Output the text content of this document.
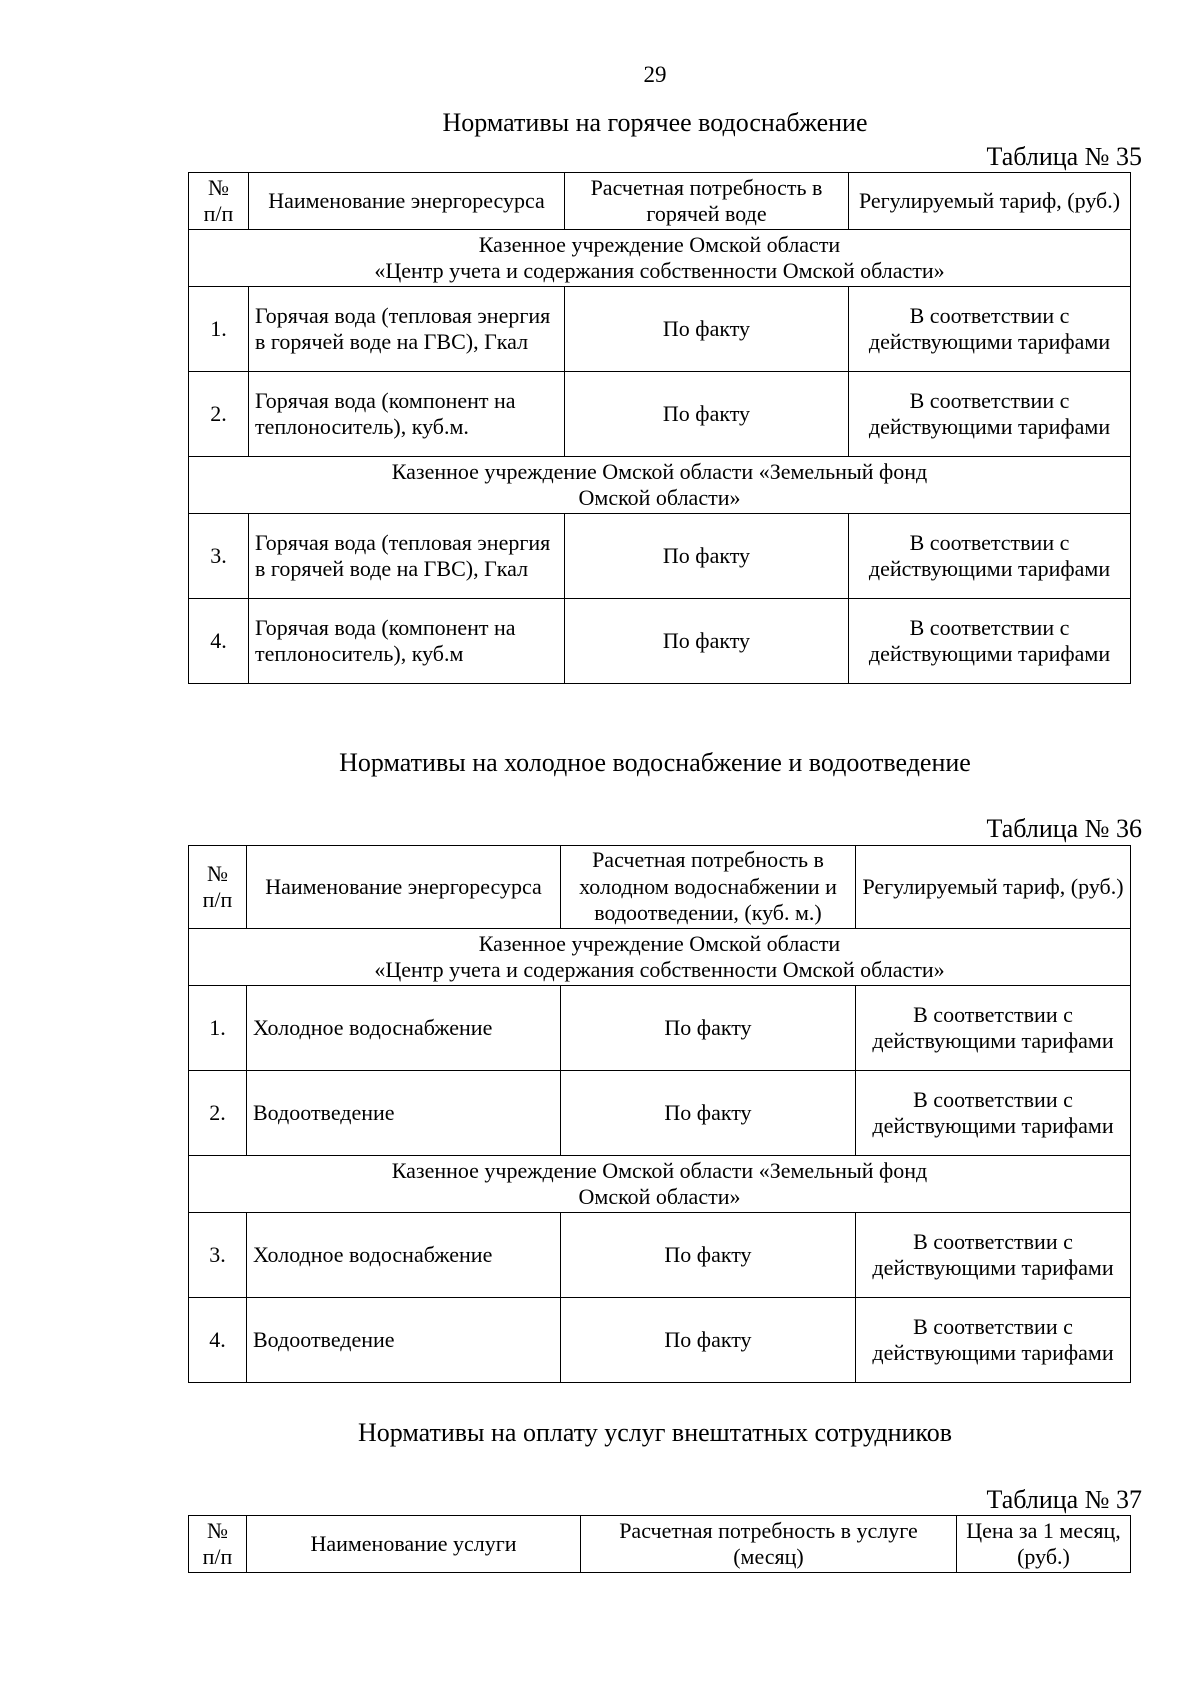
29
Нормативы на горячее водоснабжение
Таблица № 35
№
п/п	Наименование энергоресурса	Расчетная потребность в горячей воде	Регулируемый тариф, (руб.)

Казенное учреждение Омской области
«Центр учета и содержания собственности Омской области»			

1.	Горячая вода (тепловая энергия в горячей воде на ГВС), Гкал	По факту	В соответствии с действующими тарифами
2.	Горячая вода (компонент на теплоноситель), куб.м.	По факту	В соответствии с действующими тарифами

Казенное учреждение Омской области «Земельный фонд
Омской области»			

3.	Горячая вода (тепловая энергия в горячей воде на ГВС), Гкал	По факту	В соответствии с действующими тарифами
4.	Горячая вода (компонент на теплоноситель), куб.м	По факту	В соответствии с действующими тарифами
Нормативы на холодное водоснабжение и водоотведение
Таблица № 36
№
п/п	Наименование энергоресурса	Расчетная потребность в холодном водоснабжении и водоотведении, (куб. м.)	Регулируемый тариф, (руб.)

Казенное учреждение Омской области
«Центр учета и содержания собственности Омской области»			

1.	Холодное водоснабжение	По факту	В соответствии с действующими тарифами
2.	Водоотведение	По факту	В соответствии с действующими тарифами

Казенное учреждение Омской области «Земельный фонд
Омской области»			

3.	Холодное водоснабжение	По факту	В соответствии с действующими тарифами
4.	Водоотведение	По факту	В соответствии с действующими тарифами
Нормативы на оплату услуг внештатных сотрудников
Таблица № 37
№
п/п	Наименование услуги	Расчетная потребность в услуге (месяц)	Цена за 1 месяц, (руб.)
